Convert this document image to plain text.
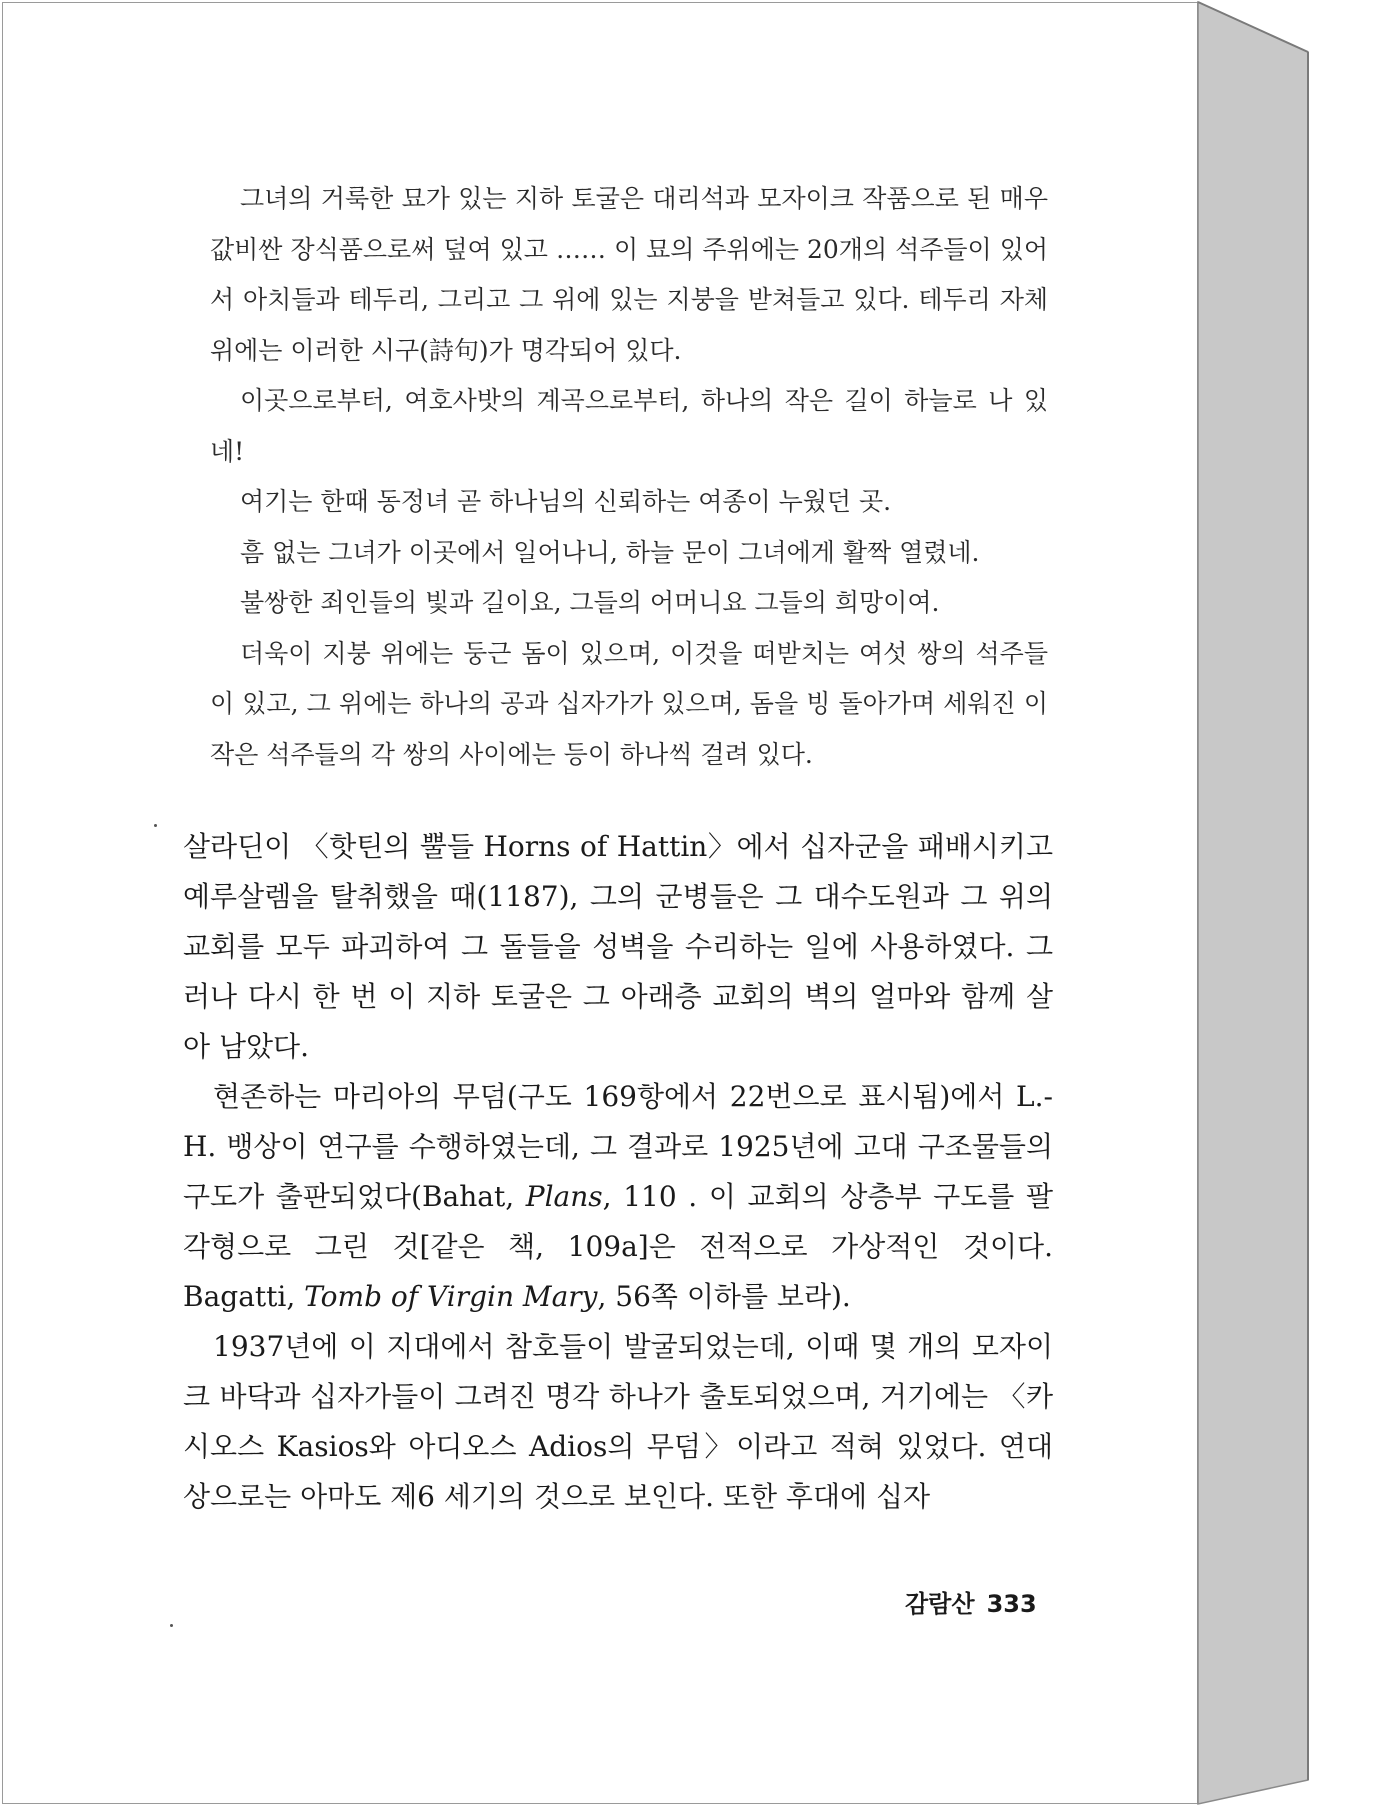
그녀의 거룩한 묘가 있는 지하 토굴은 대리석과 모자이크 작품으로 된 매우 값비싼 장식품으로써 덮여 있고 …… 이 묘의 주위에는 20개의 석주들이 있어서 아치들과 테두리, 그리고 그 위에 있는 지붕을 받쳐들고 있다. 테두리 자체 위에는 이러한 시구(詩句)가 명각되어 있다.

이곳으로부터, 여호사밧의 계곡으로부터, 하나의 작은 길이 하늘로 나 있네!

여기는 한때 동정녀 곧 하나님의 신뢰하는 여종이 누웠던 곳.

흠 없는 그녀가 이곳에서 일어나니, 하늘 문이 그녀에게 활짝 열렸네.

불쌍한 죄인들의 빛과 길이요, 그들의 어머니요 그들의 희망이여.

더욱이 지붕 위에는 둥근 돔이 있으며, 이것을 떠받치는 여섯 쌍의 석주들이 있고, 그 위에는 하나의 공과 십자가가 있으며, 돔을 빙 돌아가며 세워진 이 작은 석주들의 각 쌍의 사이에는 등이 하나씩 걸려 있다.

살라딘이 〈핫틴의 뿔들 Horns of Hattin〉에서 십자군을 패배시키고 예루살렘을 탈취했을 때(1187), 그의 군병들은 그 대수도원과 그 위의 교회를 모두 파괴하여 그 돌들을 성벽을 수리하는 일에 사용하였다. 그러나 다시 한 번 이 지하 토굴은 그 아래층 교회의 벽의 얼마와 함께 살아 남았다.

현존하는 마리아의 무덤(구도 169항에서 22번으로 표시됨)에서 L.-H. 뱅상이 연구를 수행하였는데, 그 결과로 1925년에 고대 구조물들의 구도가 출판되었다(Bahat, Plans, 110 . 이 교회의 상층부 구도를 팔각형으로 그린 것[같은 책, 109a]은 전적으로 가상적인 것이다. Bagatti, Tomb of Virgin Mary, 56쪽 이하를 보라).

1937년에 이 지대에서 참호들이 발굴되었는데, 이때 몇 개의 모자이크 바닥과 십자가들이 그려진 명각 하나가 출토되었으며, 거기에는 〈카시오스 Kasios와 아디오스 Adios의 무덤〉이라고 적혀 있었다. 연대 상으로는 아마도 제6 세기의 것으로 보인다. 또한 후대에 십자

감람산 333
